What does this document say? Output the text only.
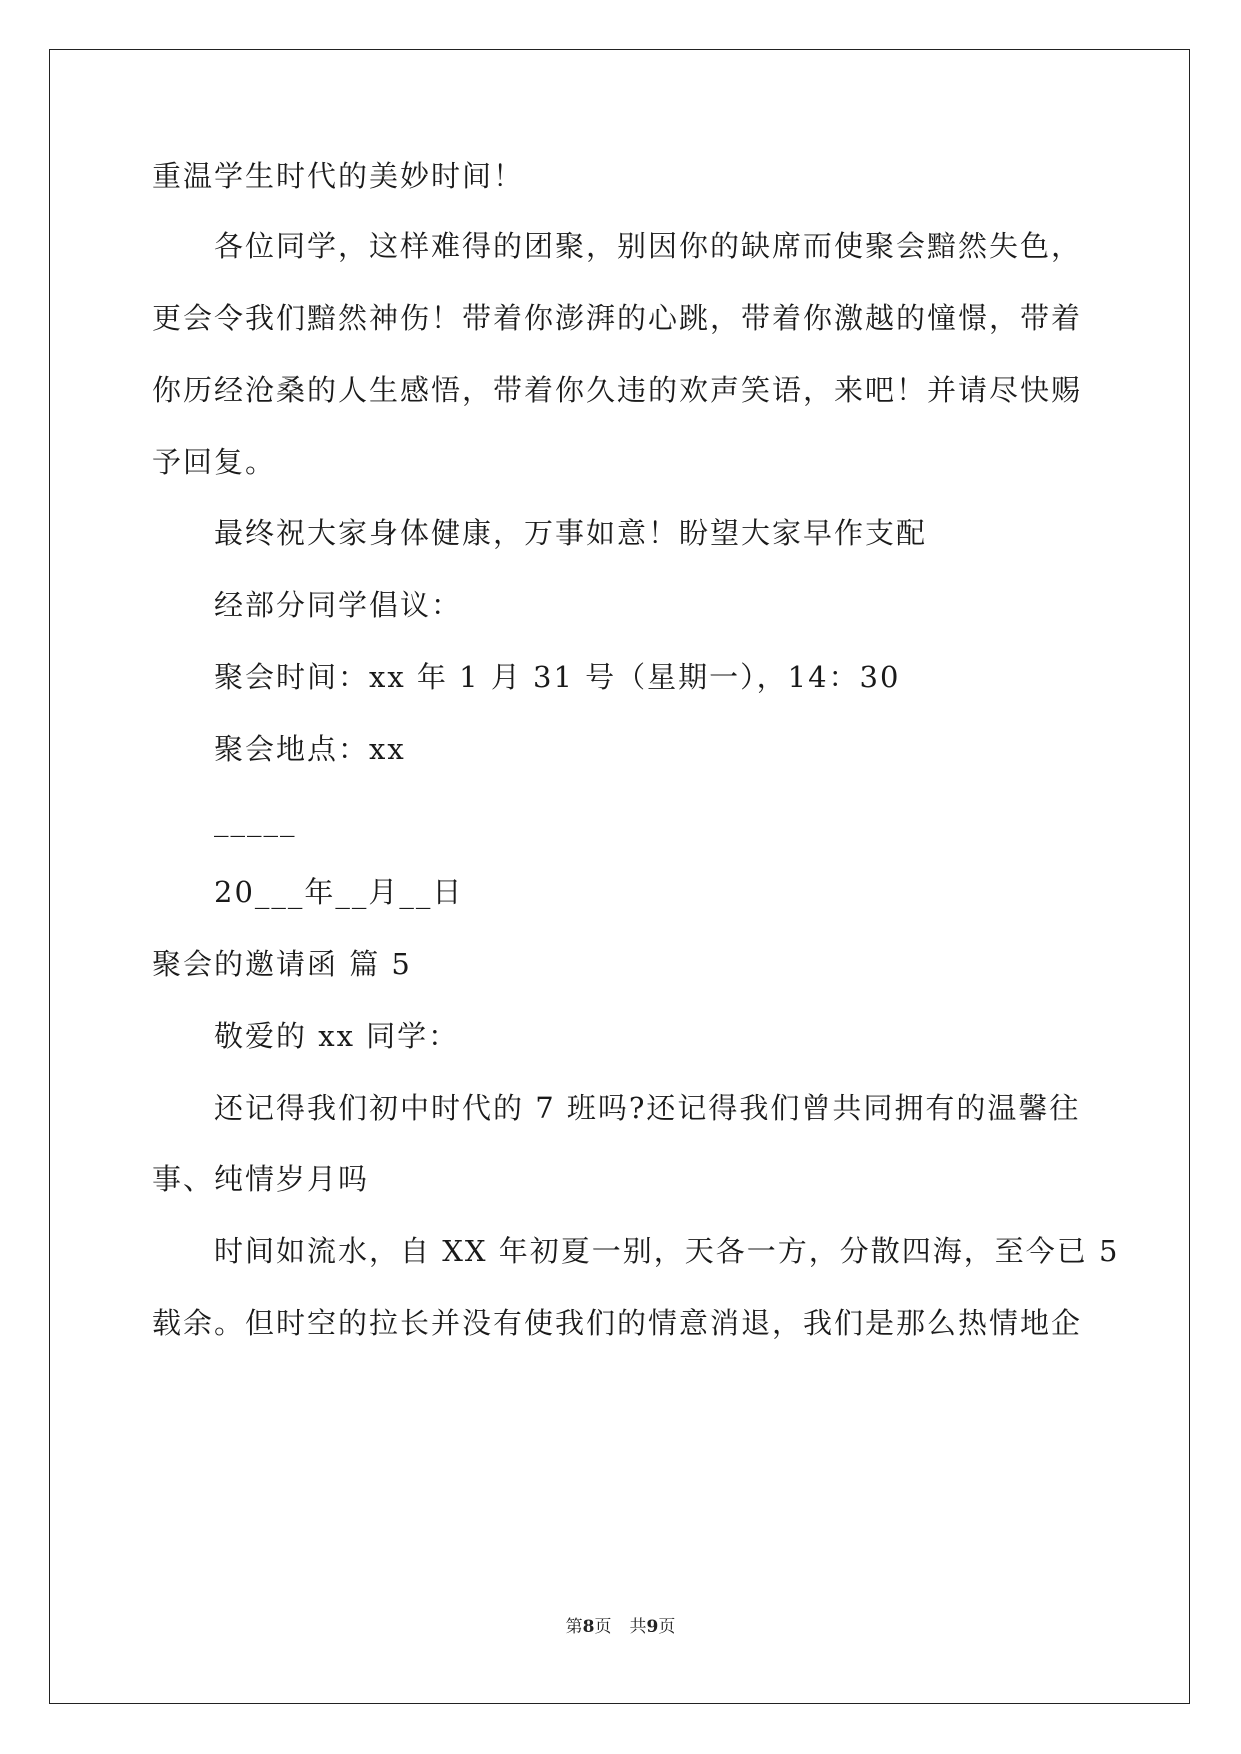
重温学生时代的美妙时间！
各位同学，这样难得的团聚，别因你的缺席而使聚会黯然失色，
更会令我们黯然神伤！带着你澎湃的心跳，带着你激越的憧憬，带着
你历经沧桑的人生感悟，带着你久违的欢声笑语，来吧！并请尽快赐
予回复。
最终祝大家身体健康，万事如意！盼望大家早作支配
经部分同学倡议：
聚会时间：xx 年 1 月 31 号（星期一），14：30
聚会地点：xx
_____
20___年__月__日
聚会的邀请函 篇 5
敬爱的 xx 同学：
还记得我们初中时代的 7 班吗?还记得我们曾共同拥有的温馨往
事、纯情岁月吗
时间如流水，自 XX 年初夏一别，天各一方，分散四海，至今已 5
载余。但时空的拉长并没有使我们的情意消退，我们是那么热情地企
第8页 共9页
